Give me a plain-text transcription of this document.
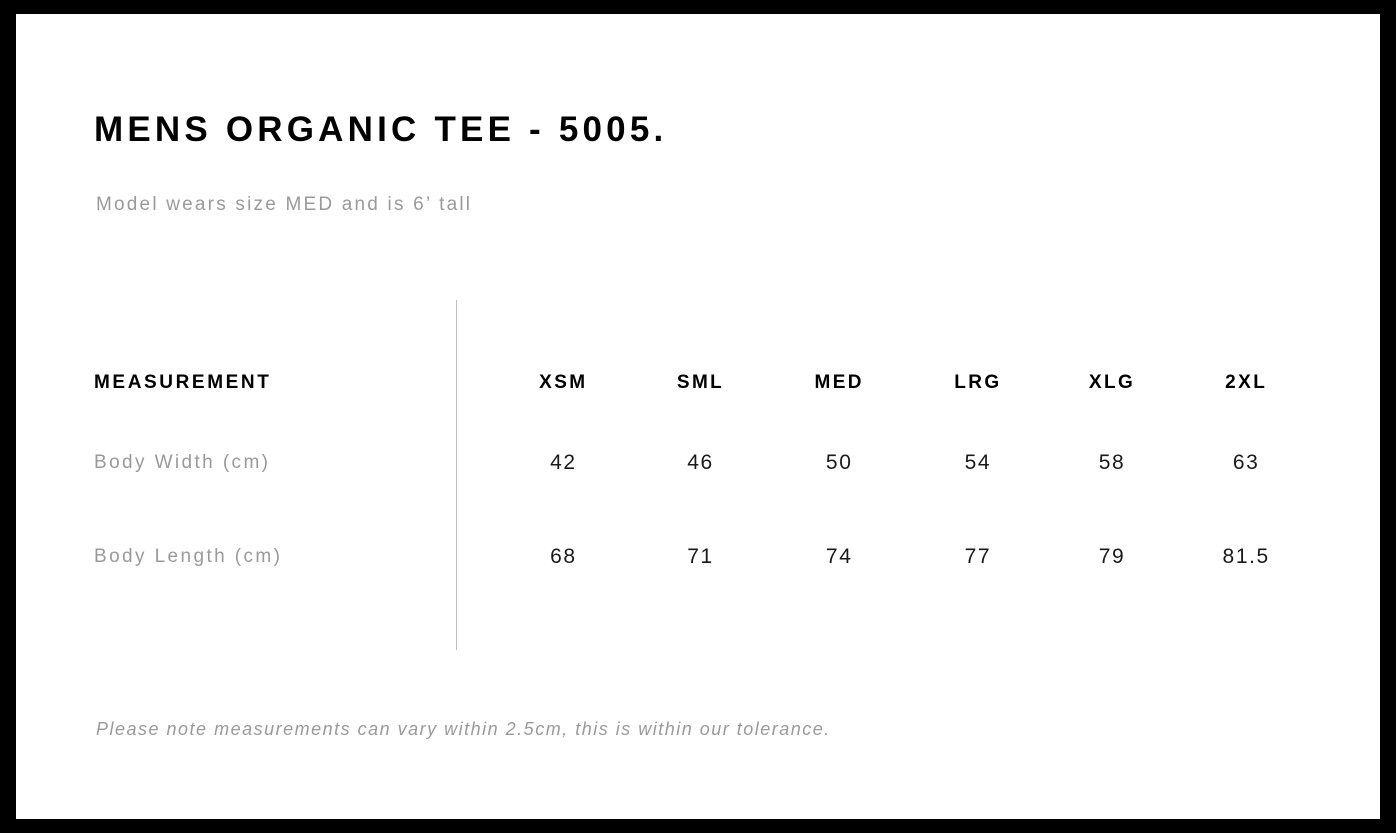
MENS ORGANIC TEE - 5005.
Model wears size MED and is 6’ tall
MEASUREMENT	XSM	SML	MED	LRG	XLG	2XL
Body Width (cm)	42	46	50	54	58	63
Body Length (cm)	68	71	74	77	79	81.5
Please note measurements can vary within 2.5cm, this is within our tolerance.
